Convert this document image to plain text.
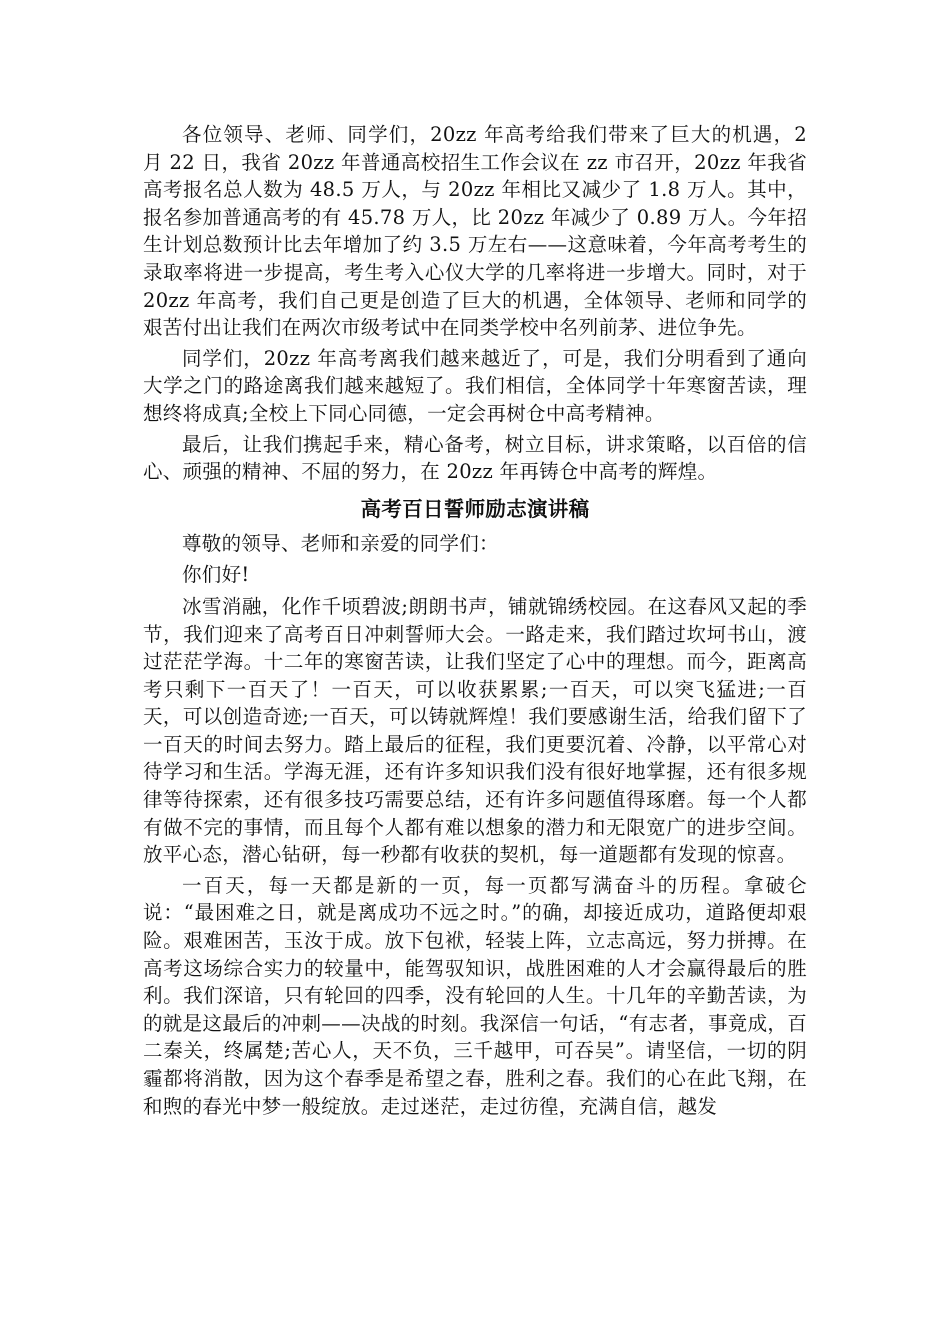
各位领导、老师、同学们，20zz 年高考给我们带来了巨大的机遇，2 月 22 日，我省 20zz 年普通高校招生工作会议在 zz 市召开，20zz 年我省高考报名总人数为 48.5 万人，与 20zz 年相比又减少了 1.8 万人。其中，报名参加普通高考的有 45.78 万人，比 20zz 年减少了 0.89 万人。今年招生计划总数预计比去年增加了约 3.5 万左右——这意味着，今年高考考生的录取率将进一步提高，考生考入心仪大学的几率将进一步增大。同时，对于 20zz 年高考，我们自己更是创造了巨大的机遇，全体领导、老师和同学的艰苦付出让我们在两次市级考试中在同类学校中名列前茅、进位争先。

同学们，20zz 年高考离我们越来越近了，可是，我们分明看到了通向大学之门的路途离我们越来越短了。我们相信，全体同学十年寒窗苦读，理想终将成真;全校上下同心同德，一定会再树仓中高考精神。

最后，让我们携起手来，精心备考，树立目标，讲求策略，以百倍的信心、顽强的精神、不屈的努力，在 20zz 年再铸仓中高考的辉煌。

高考百日誓师励志演讲稿

尊敬的领导、老师和亲爱的同学们：

你们好!

冰雪消融，化作千顷碧波;朗朗书声，铺就锦绣校园。在这春风又起的季节，我们迎来了高考百日冲刺誓师大会。一路走来，我们踏过坎坷书山，渡过茫茫学海。十二年的寒窗苦读，让我们坚定了心中的理想。而今，距离高考只剩下一百天了！一百天，可以收获累累;一百天，可以突飞猛进;一百天，可以创造奇迹;一百天，可以铸就辉煌！我们要感谢生活，给我们留下了一百天的时间去努力。踏上最后的征程，我们更要沉着、冷静，以平常心对待学习和生活。学海无涯，还有许多知识我们没有很好地掌握，还有很多规律等待探索，还有很多技巧需要总结，还有许多问题值得琢磨。每一个人都有做不完的事情，而且每个人都有难以想象的潜力和无限宽广的进步空间。放平心态，潜心钻研，每一秒都有收获的契机，每一道题都有发现的惊喜。

一百天，每一天都是新的一页，每一页都写满奋斗的历程。拿破仑说：“最困难之日，就是离成功不远之时。”的确，却接近成功，道路便却艰险。艰难困苦，玉汝于成。放下包袱，轻装上阵，立志高远，努力拼搏。在高考这场综合实力的较量中，能驾驭知识，战胜困难的人才会赢得最后的胜利。我们深谙，只有轮回的四季，没有轮回的人生。十几年的辛勤苦读，为的就是这最后的冲刺——决战的时刻。我深信一句话，“有志者，事竟成，百二秦关，终属楚;苦心人，天不负，三千越甲，可吞吴”。请坚信，一切的阴霾都将消散，因为这个春季是希望之春，胜利之春。我们的心在此飞翔，在和煦的春光中梦一般绽放。走过迷茫，走过彷徨，充满自信，越发
